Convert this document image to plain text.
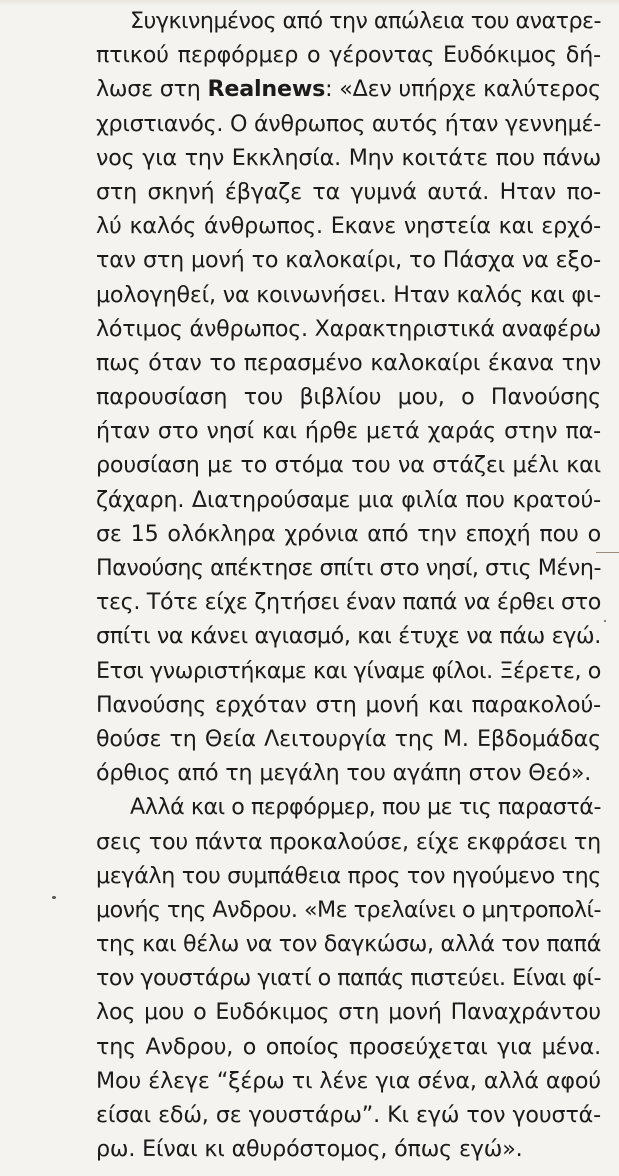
Συγκινημένος από την απώλεια του ανατρε-
πτικού περφόρμερ ο γέροντας Ευδόκιμος δή-
λωσε στη Realnews: «Δεν υπήρχε καλύτερος
χριστιανός. Ο άνθρωπος αυτός ήταν γεννημέ-
νος για την Εκκλησία. Μην κοιτάτε που πάνω
στη σκηνή έβγαζε τα γυμνά αυτά. Ηταν πο-
λύ καλός άνθρωπος. Εκανε νηστεία και ερχό-
ταν στη μονή το καλοκαίρι, το Πάσχα να εξο-
μολογηθεί, να κοινωνήσει. Ηταν καλός και φι-
λότιμος άνθρωπος. Χαρακτηριστικά αναφέρω
πως όταν το περασμένο καλοκαίρι έκανα την
παρουσίαση του βιβλίου μου, ο Πανούσης
ήταν στο νησί και ήρθε μετά χαράς στην πα-
ρουσίαση με το στόμα του να στάζει μέλι και
ζάχαρη. Διατηρούσαμε μια φιλία που κρατού-
σε 15 ολόκληρα χρόνια από την εποχή που ο
Πανούσης απέκτησε σπίτι στο νησί, στις Μένη-
τες. Τότε είχε ζητήσει έναν παπά να έρθει στο
σπίτι να κάνει αγιασμό, και έτυχε να πάω εγώ.
Ετσι γνωριστήκαμε και γίναμε φίλοι. Ξέρετε, ο
Πανούσης ερχόταν στη μονή και παρακολού-
θούσε τη Θεία Λειτουργία της Μ. Εβδομάδας
όρθιος από τη μεγάλη του αγάπη στον Θεό».
Αλλά και ο περφόρμερ, που με τις παραστά-
σεις του πάντα προκαλούσε, είχε εκφράσει τη
μεγάλη του συμπάθεια προς τον ηγούμενο της
μονής της Ανδρου. «Με τρελαίνει ο μητροπολί-
της και θέλω να τον δαγκώσω, αλλά τον παπά
τον γουστάρω γιατί ο παπάς πιστεύει. Είναι φί-
λος μου ο Ευδόκιμος στη μονή Παναχράντου
της Ανδρου, ο οποίος προσεύχεται για μένα.
Μου έλεγε “ξέρω τι λένε για σένα, αλλά αφού
είσαι εδώ, σε γουστάρω”. Κι εγώ τον γουστά-
ρω. Είναι κι αθυρόστομος, όπως εγώ».
